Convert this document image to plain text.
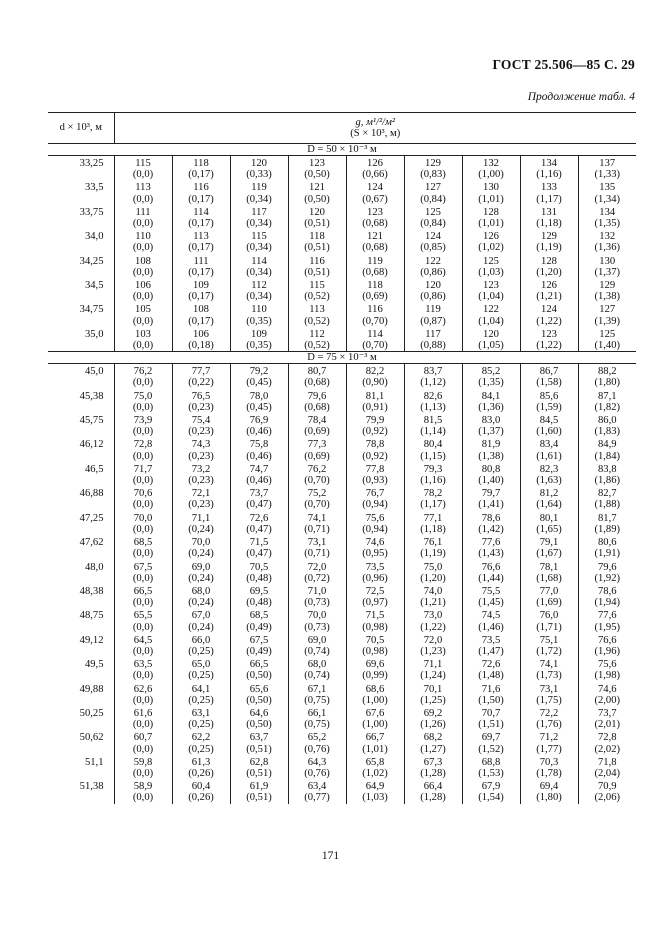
ГОСТ 25.506—85 С. 29
Продолжение табл. 4
d × 10³, м	g, м¹/²/м²
(S × 10³, м)								

D = 50 × 10⁻³ м									
33,25	115	118	120	123	126	129	132	134	137
	(0,0)	(0,17)	(0,33)	(0,50)	(0,66)	(0,83)	(1,00)	(1,16)	(1,33)
33,5	113	116	119	121	124	127	130	133	135
	(0,0)	(0,17)	(0,34)	(0,50)	(0,67)	(0,84)	(1,01)	(1,17)	(1,34)
33,75	111	114	117	120	123	125	128	131	134
	(0,0)	(0,17)	(0,34)	(0,51)	(0,68)	(0,84)	(1,01)	(1,18)	(1,35)
34,0	110	113	115	118	121	124	126	129	132
	(0,0)	(0,17)	(0,34)	(0,51)	(0,68)	(0,85)	(1,02)	(1,19)	(1,36)
34,25	108	111	114	116	119	122	125	128	130
	(0,0)	(0,17)	(0,34)	(0,51)	(0,68)	(0,86)	(1,03)	(1,20)	(1,37)
34,5	106	109	112	115	118	120	123	126	129
	(0,0)	(0,17)	(0,34)	(0,52)	(0,69)	(0,86)	(1,04)	(1,21)	(1,38)
34,75	105	108	110	113	116	119	122	124	127
	(0,0)	(0,17)	(0,35)	(0,52)	(0,70)	(0,87)	(1,04)	(1,22)	(1,39)
35,0	103	106	109	112	114	117	120	123	125
	(0,0)	(0,18)	(0,35)	(0,52)	(0,70)	(0,88)	(1,05)	(1,22)	(1,40)
D = 75 × 10⁻³ м									
45,0	76,2	77,7	79,2	80,7	82,2	83,7	85,2	86,7	88,2
	(0,0)	(0,22)	(0,45)	(0,68)	(0,90)	(1,12)	(1,35)	(1,58)	(1,80)
45,38	75,0	76,5	78,0	79,6	81,1	82,6	84,1	85,6	87,1
	(0,0)	(0,23)	(0,45)	(0,68)	(0,91)	(1,13)	(1,36)	(1,59)	(1,82)
45,75	73,9	75,4	76,9	78,4	79,9	81,5	83,0	84,5	86,0
	(0,0)	(0,23)	(0,46)	(0,69)	(0,92)	(1,14)	(1,37)	(1,60)	(1,83)
46,12	72,8	74,3	75,8	77,3	78,8	80,4	81,9	83,4	84,9
	(0,0)	(0,23)	(0,46)	(0,69)	(0,92)	(1,15)	(1,38)	(1,61)	(1,84)
46,5	71,7	73,2	74,7	76,2	77,8	79,3	80,8	82,3	83,8
	(0,0)	(0,23)	(0,46)	(0,70)	(0,93)	(1,16)	(1,40)	(1,63)	(1,86)
46,88	70,6	72,1	73,7	75,2	76,7	78,2	79,7	81,2	82,7
	(0,0)	(0,23)	(0,47)	(0,70)	(0,94)	(1,17)	(1,41)	(1,64)	(1,88)
47,25	70,0	71,1	72,6	74,1	75,6	77,1	78,6	80,1	81,7
	(0,0)	(0,24)	(0,47)	(0,71)	(0,94)	(1,18)	(1,42)	(1,65)	(1,89)
47,62	68,5	70,0	71,5	73,1	74,6	76,1	77,6	79,1	80,6
	(0,0)	(0,24)	(0,47)	(0,71)	(0,95)	(1,19)	(1,43)	(1,67)	(1,91)
48,0	67,5	69,0	70,5	72,0	73,5	75,0	76,6	78,1	79,6
	(0,0)	(0,24)	(0,48)	(0,72)	(0,96)	(1,20)	(1,44)	(1,68)	(1,92)
48,38	66,5	68,0	69,5	71,0	72,5	74,0	75,5	77,0	78,6
	(0,0)	(0,24)	(0,48)	(0,73)	(0,97)	(1,21)	(1,45)	(1,69)	(1,94)
48,75	65,5	67,0	68,5	70,0	71,5	73,0	74,5	76,0	77,6
	(0,0)	(0,24)	(0,49)	(0,73)	(0,98)	(1,22)	(1,46)	(1,71)	(1,95)
49,12	64,5	66,0	67,5	69,0	70,5	72,0	73,5	75,1	76,6
	(0,0)	(0,25)	(0,49)	(0,74)	(0,98)	(1,23)	(1,47)	(1,72)	(1,96)
49,5	63,5	65,0	66,5	68,0	69,6	71,1	72,6	74,1	75,6
	(0,0)	(0,25)	(0,50)	(0,74)	(0,99)	(1,24)	(1,48)	(1,73)	(1,98)
49,88	62,6	64,1	65,6	67,1	68,6	70,1	71,6	73,1	74,6
	(0,0)	(0,25)	(0,50)	(0,75)	(1,00)	(1,25)	(1,50)	(1,75)	(2,00)
50,25	61,6	63,1	64,6	66,1	67,6	69,2	70,7	72,2	73,7
	(0,0)	(0,25)	(0,50)	(0,75)	(1,00)	(1,26)	(1,51)	(1,76)	(2,01)
50,62	60,7	62,2	63,7	65,2	66,7	68,2	69,7	71,2	72,8
	(0,0)	(0,25)	(0,51)	(0,76)	(1,01)	(1,27)	(1,52)	(1,77)	(2,02)
51,1	59,8	61,3	62,8	64,3	65,8	67,3	68,8	70,3	71,8
	(0,0)	(0,26)	(0,51)	(0,76)	(1,02)	(1,28)	(1,53)	(1,78)	(2,04)
51,38	58,9	60,4	61,9	63,4	64,9	66,4	67,9	69,4	70,9
	(0,0)	(0,26)	(0,51)	(0,77)	(1,03)	(1,28)	(1,54)	(1,80)	(2,06)
171
